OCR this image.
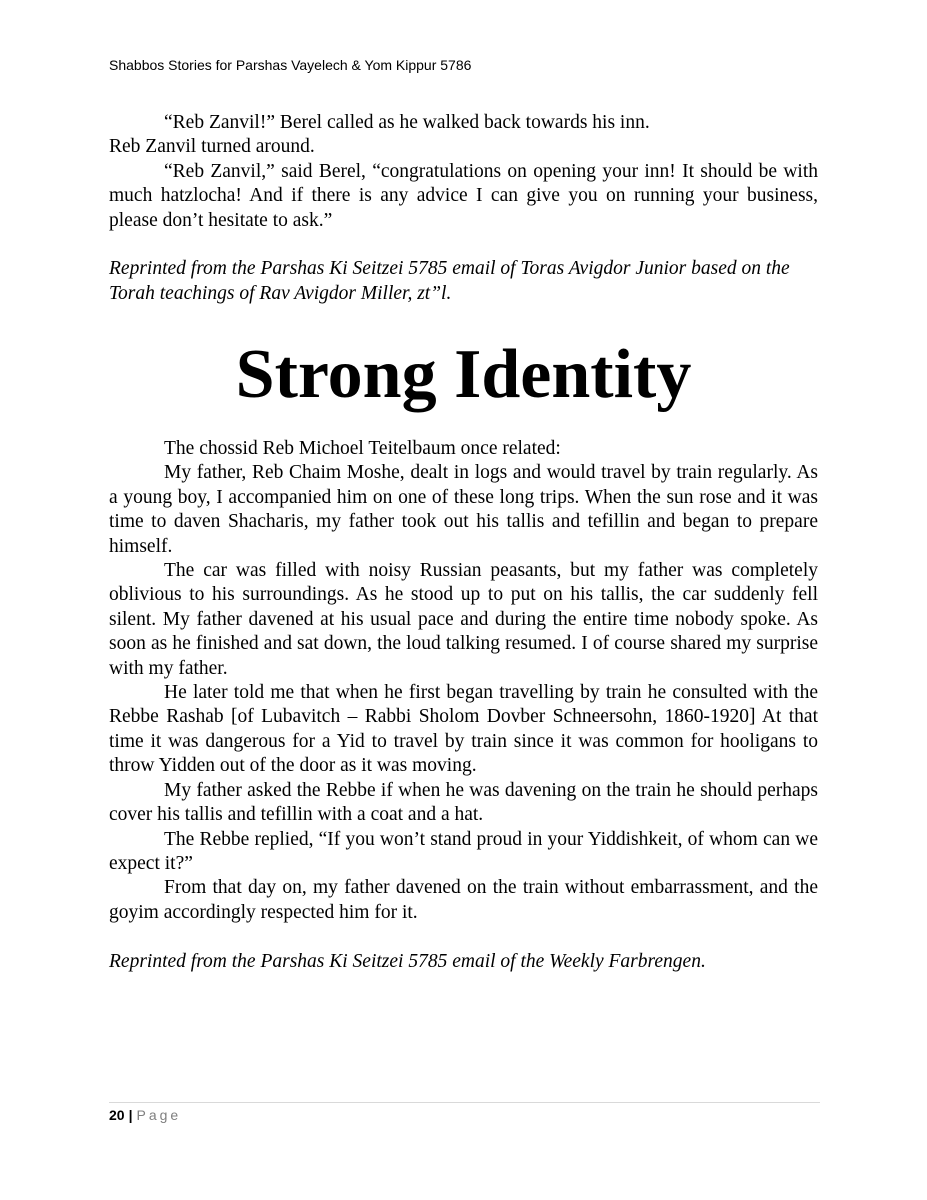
Shabbos Stories for Parshas Vayelech & Yom Kippur 5786

“Reb Zanvil!” Berel called as he walked back towards his inn.

Reb Zanvil turned around.

“Reb Zanvil,” said Berel, “congratulations on opening your inn! It should be with much hatzlocha! And if there is any advice I can give you on running your business, please don’t hesitate to ask.”

Reprinted from the Parshas Ki Seitzei 5785 email of Toras Avigdor Junior based on the Torah teachings of Rav Avigdor Miller, zt”l.

Strong Identity

The chossid Reb Michoel Teitelbaum once related:

My father, Reb Chaim Moshe, dealt in logs and would travel by train regularly. As a young boy, I accompanied him on one of these long trips. When the sun rose and it was time to daven Shacharis, my father took out his tallis and tefillin and began to prepare himself.

The car was filled with noisy Russian peasants, but my father was completely oblivious to his surroundings. As he stood up to put on his tallis, the car suddenly fell silent. My father davened at his usual pace and during the entire time nobody spoke. As soon as he finished and sat down, the loud talking resumed. I of course shared my surprise with my father.

He later told me that when he first began travelling by train he consulted with the Rebbe Rashab [of Lubavitch – Rabbi Sholom Dovber Schneersohn, 1860-1920] At that time it was dangerous for a Yid to travel by train since it was common for hooligans to throw Yidden out of the door as it was moving.

My father asked the Rebbe if when he was davening on the train he should perhaps cover his tallis and tefillin with a coat and a hat.

The Rebbe replied, “If you won’t stand proud in your Yiddishkeit, of whom can we expect it?”

From that day on, my father davened on the train without embarrassment, and the goyim accordingly respected him for it.

Reprinted from the Parshas Ki Seitzei 5785 email of the Weekly Farbrengen.

20 | Page
